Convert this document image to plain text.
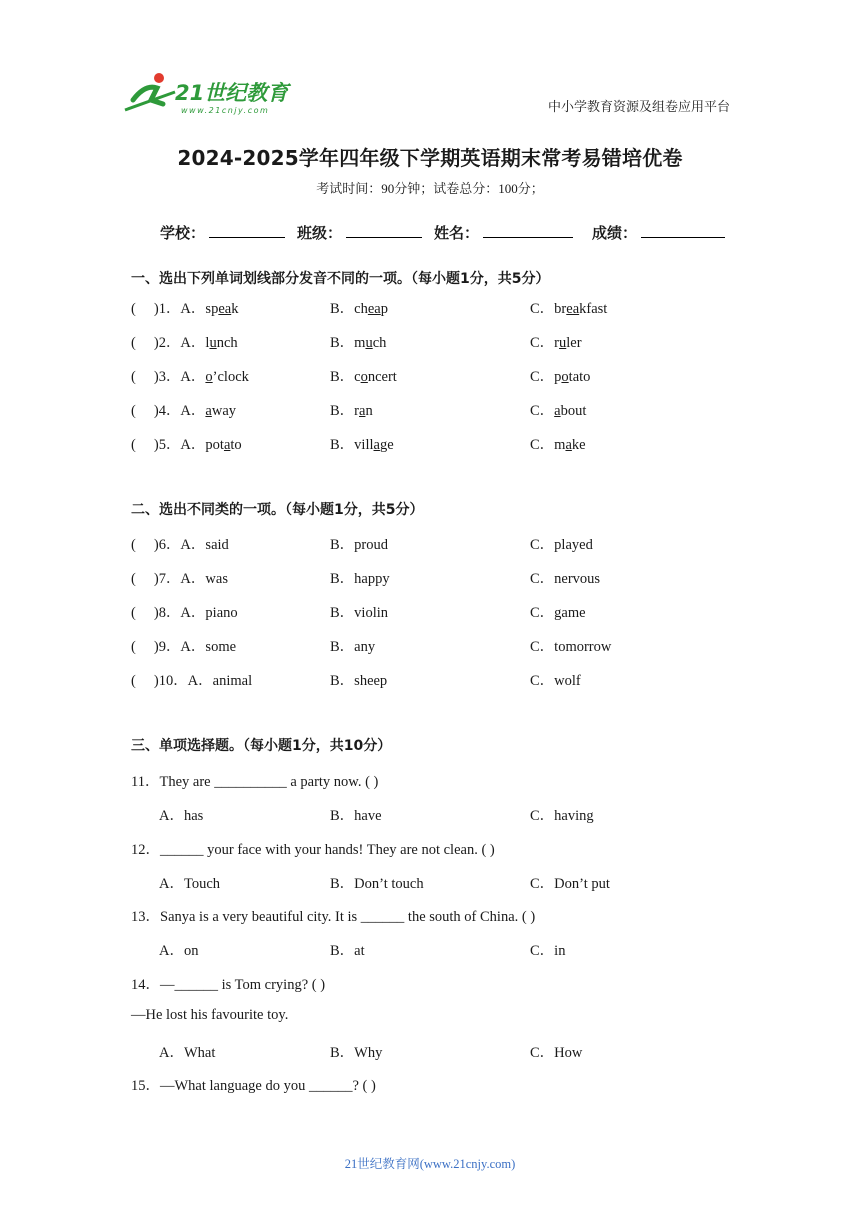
21世纪教育
www.21cnjy.com	中小学教育资源及组卷应用平台
2024-2025学年四年级下学期英语期末常考易错培优卷
考试时间：90分钟；试卷总分：100分；
学校：	班级：	姓名：	成绩：
一、选出下列单词划线部分发音不同的一项。（每小题1分，共5分）
( )1．A．speak	B．cheap	C．breakfast
( )2．A．lunch	B．much	C．ruler
( )3．A．o’clock	B．concert	C．potato
( )4．A．away	B．ran	C．about
( )5．A．potato	B．village	C．make
二、选出不同类的一项。（每小题1分，共5分）
( )6．A．said	B．proud	C．played
( )7．A．was	B．happy	C．nervous
( )8．A．piano	B．violin	C．game
( )9．A．some	B．any	C．tomorrow
( )10．A．animal	B．sheep	C．wolf
三、单项选择题。（每小题1分，共10分）
11．They are __________ a party now. ( )
A．has	B．have	C．having
12．______ your face with your hands! They are not clean. ( )
A．Touch	B．Don’t touch	C．Don’t put
13．Sanya is a very beautiful city. It is ______ the south of China. ( )
A．on	B．at	C．in
14．—______ is Tom crying? ( )
—He lost his favourite toy.
A．What	B．Why	C．How
15．—What language do you ______? ( )
21世纪教育网(www.21cnjy.com)
